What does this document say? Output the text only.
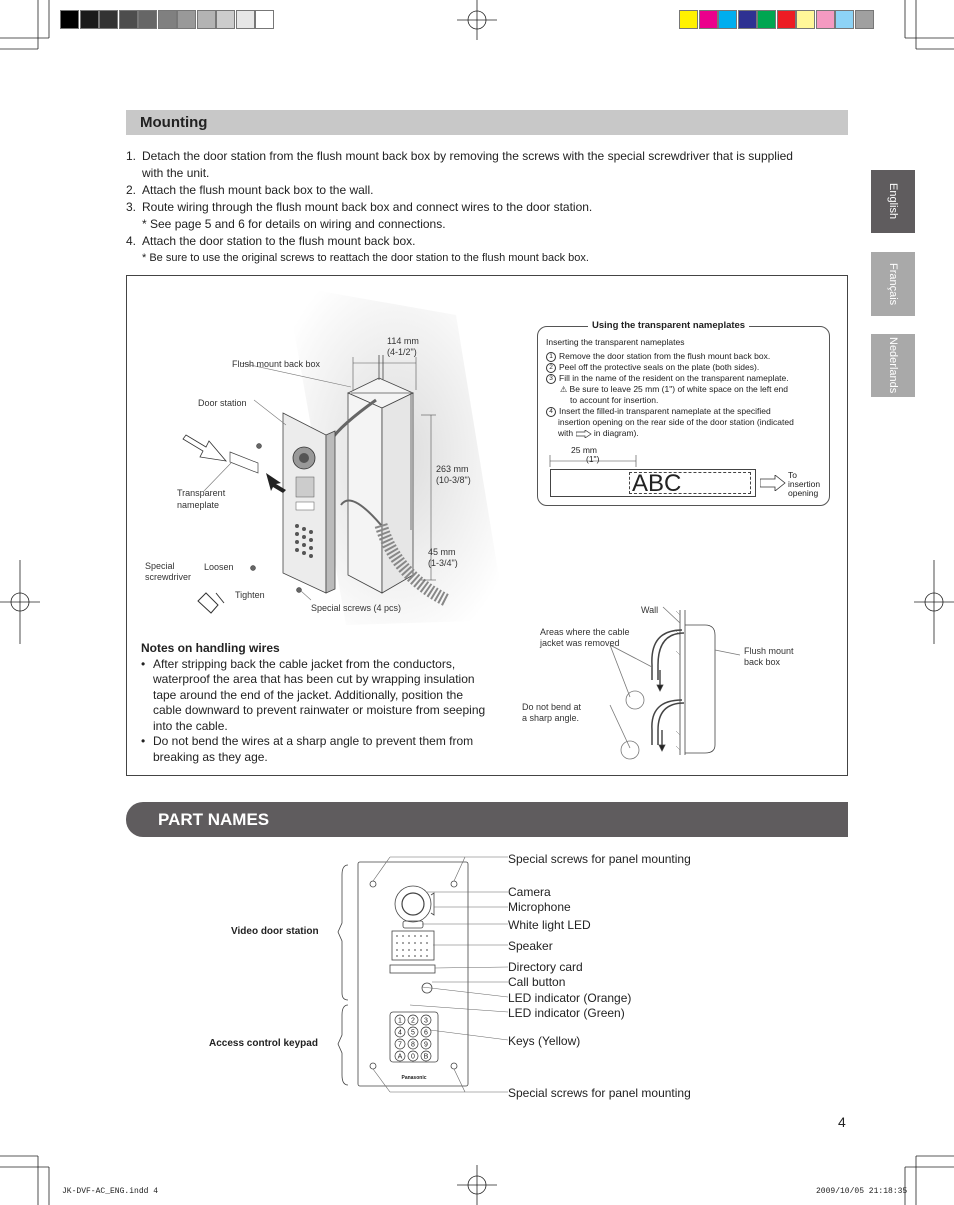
Mounting
1. Detach the door station from the flush mount back box by removing the screws with the special screwdriver that is supplied
with the unit.
2. Attach the flush mount back box to the wall.
3. Route wiring through the flush mount back box and connect wires to the door station.
* See page 5 and 6 for details on wiring and connections.
4. Attach the door station to the flush mount back box.
* Be sure to use the original screws to reattach the door station to the flush mount back box.
English
Français
Nederlands
Flush mount back box
Door station
114 mm
(4-1/2")
263 mm
(10-3/8")
45 mm
(1-3/4")
Transparent
nameplate
Special
screwdriver
Loosen
Tighten
Special screws (4 pcs)
Using the transparent nameplates
Inserting the transparent nameplates
1 Remove the door station from the flush mount back box.
2 Peel off the protective seals on the plate (both sides).
3 Fill in the name of the resident on the transparent nameplate.
⚠ Be sure to leave 25 mm (1") of white space on the left end
to account for insertion.
4 Insert the filled-in transparent nameplate at the specified
insertion opening on the rear side of the door station (indicated
with in diagram).
25 mm
(1")
ABC	To
insertion
opening
Notes on handling wires
• After stripping back the cable jacket from the conductors, waterproof the area that has been cut by wrapping insulation tape around the end of the jacket. Additionally, position the cable downward to prevent rainwater or moisture from seeping into the cable.
• Do not bend the wires at a sharp angle to prevent them from breaking as they age.
Wall
Areas where the cable
jacket was removed
Flush mount
back box
Do not bend at
a sharp angle.
PART NAMES
1 2 3
4 5 6
7 8 9
A 0 B
Panasonic
Video door station
Access control keypad
Special screws for panel mounting
Camera
Microphone
White light LED
Speaker
Directory card
Call button
LED indicator (Orange)
LED indicator (Green)
Keys (Yellow)
Special screws for panel mounting
4
JK-DVF-AC_ENG.indd 4	2009/10/05 21:18:35
